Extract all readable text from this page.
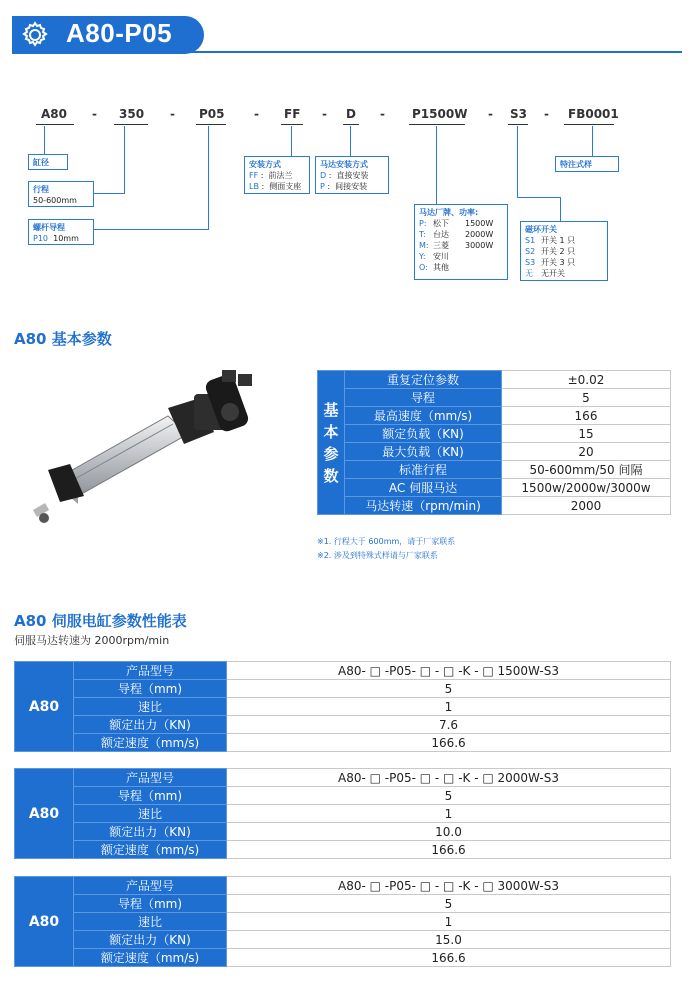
A80-P05
A80 - 350 - P05 - FF - D - P1500W - S3 - FB0001
缸径
行程
50-600mm
螺杆导程
P10 10mm
安装方式
FF : 前法兰
LB : 侧面支座
马达安装方式
D : 直接安装
P : 间接安装
特注式样
马达厂牌、功率:
P: 松下 1500W
T: 台达 2000W
M: 三菱 3000W
Y: 安川
O: 其他
磁环开关
S1 开关 1 只
S2 开关 2 只
S3 开关 3 只
无 无开关
A80 基本参数
基
本
参
数	重复定位参数	±0.02
	导程	5
	最高速度（mm/s)	166
	额定负载（KN)	15
	最大负载（KN)	20
	标准行程	50-600mm/50 间隔
	AC 伺服马达	1500w/2000w/3000w
	马达转速（rpm/min)	2000
※1. 行程大于 600mm，请于厂家联系
※2. 涉及到特殊式样请与厂家联系
A80 伺服电缸参数性能表
伺服马达转速为 2000rpm/min
A80	产品型号	A80- □ -P05- □ - □ -K - □ 1500W-S3
	导程（mm)	5
	速比	1
	额定出力（KN)	7.6
	额定速度（mm/s)	166.6
A80	产品型号	A80- □ -P05- □ - □ -K - □ 2000W-S3
	导程（mm)	5
	速比	1
	额定出力（KN)	10.0
	额定速度（mm/s)	166.6
A80	产品型号	A80- □ -P05- □ - □ -K - □ 3000W-S3
	导程（mm)	5
	速比	1
	额定出力（KN)	15.0
	额定速度（mm/s)	166.6
